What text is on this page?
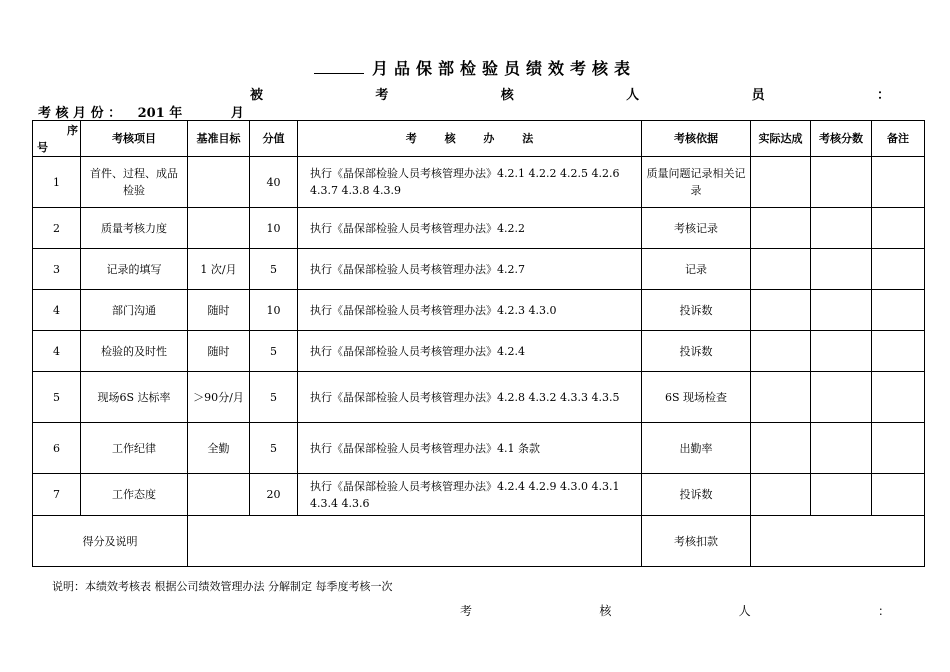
月品保部检验员绩效考核表
被	考	核	人	员	：
考 核 月 份 ： 201 年	月
序
号	考核项目	基准目标	分值	考 核 办 法	考核依据	实际达成	考核分数	备注
1	首件、过程、成品检验		40	执行《晶保部检验人员考核管理办法》4.2.1 4.2.2 4.2.5 4.2.6 4.3.7 4.3.8 4.3.9	质量问题记录相关记录			
2	质量考核力度		10	执行《晶保部检验人员考核管理办法》4.2.2	考核记录			
3	记录的填写	1 次/月	5	执行《晶保部检验人员考核管理办法》4.2.7	记录			
4	部门沟通	随时	10	执行《晶保部检验人员考核管理办法》4.2.3 4.3.0	投诉数			
4	检验的及时性	随时	5	执行《晶保部检验人员考核管理办法》4.2.4	投诉数			
5	现场6S 达标率	＞90分/月	5	执行《晶保部检验人员考核管理办法》4.2.8 4.3.2 4.3.3 4.3.5	6S 现场检查			
6	工作纪律	全勤	5	执行《晶保部检验人员考核管理办法》4.1 条款	出勤率			
7	工作态度		20	执行《晶保部检验人员考核管理办法》4.2.4 4.2.9 4.3.0 4.3.1 4.3.4 4.3.6	投诉数			
得分及说明					考核扣款			
说明：本绩效考核表 根据公司绩效管理办法 分解制定 每季度考核一次
考	核	人	：
